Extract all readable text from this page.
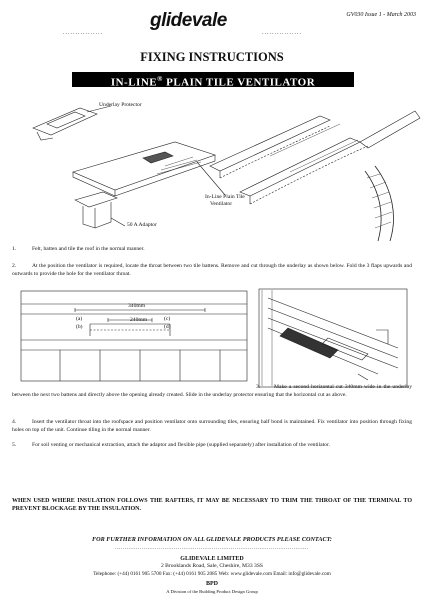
................
glidevale
................
GV030 Issue 1 - March 2003
FIXING INSTRUCTIONS
IN-LINE® PLAIN TILE VENTILATOR
Underlay Protector
In-Line Plain Tile
Ventilator
50 A Adaptor
1.	Felt, batten and tile the roof in the normal manner.
2.	At the position the ventilator is required, locate the throat between two tile battens. Remove and cut through the underlay as shown below. Fold the 3 flaps upwards and outwards to provide the hole for the ventilator throat.
340mm
240mm
(a)
(b)
(c)
(d)
3.	Make a second horizontal cut 340mm wide in the underlay between the next two battens and directly above the opening already created. Slide in the underlay protector ensuring that the horizontal cut as above.
4.	Insert the ventilator throat into the roofspace and position ventilator onto surrounding tiles, ensuring half bond is maintained. Fix ventilator into position through fixing holes on top of the unit. Continue tiling in the normal manner.
5.	For soil venting or mechanical extraction, attach the adaptor and flexible pipe (supplied separately) after installation of the ventilator.
WHEN USED WHERE INSULATION FOLLOWS THE RAFTERS, IT MAY BE NECESSARY TO TRIM THE THROAT OF THE TERMINAL TO PREVENT BLOCKAGE BY THE INSULATION.
FOR FURTHER INFORMATION ON ALL GLIDEVALE PRODUCTS PLEASE CONTACT:
......................................................................................................
GLIDEVALE LIMITED
2 Brooklands Road, Sale, Cheshire, M33 3SS
Telephone: (+44) 0161 905 5700 Fax: (+44) 0161 905 2085 Web: www.glidevale.com Email: info@glidevale.com
BPD
A Division of the Building Product Design Group
